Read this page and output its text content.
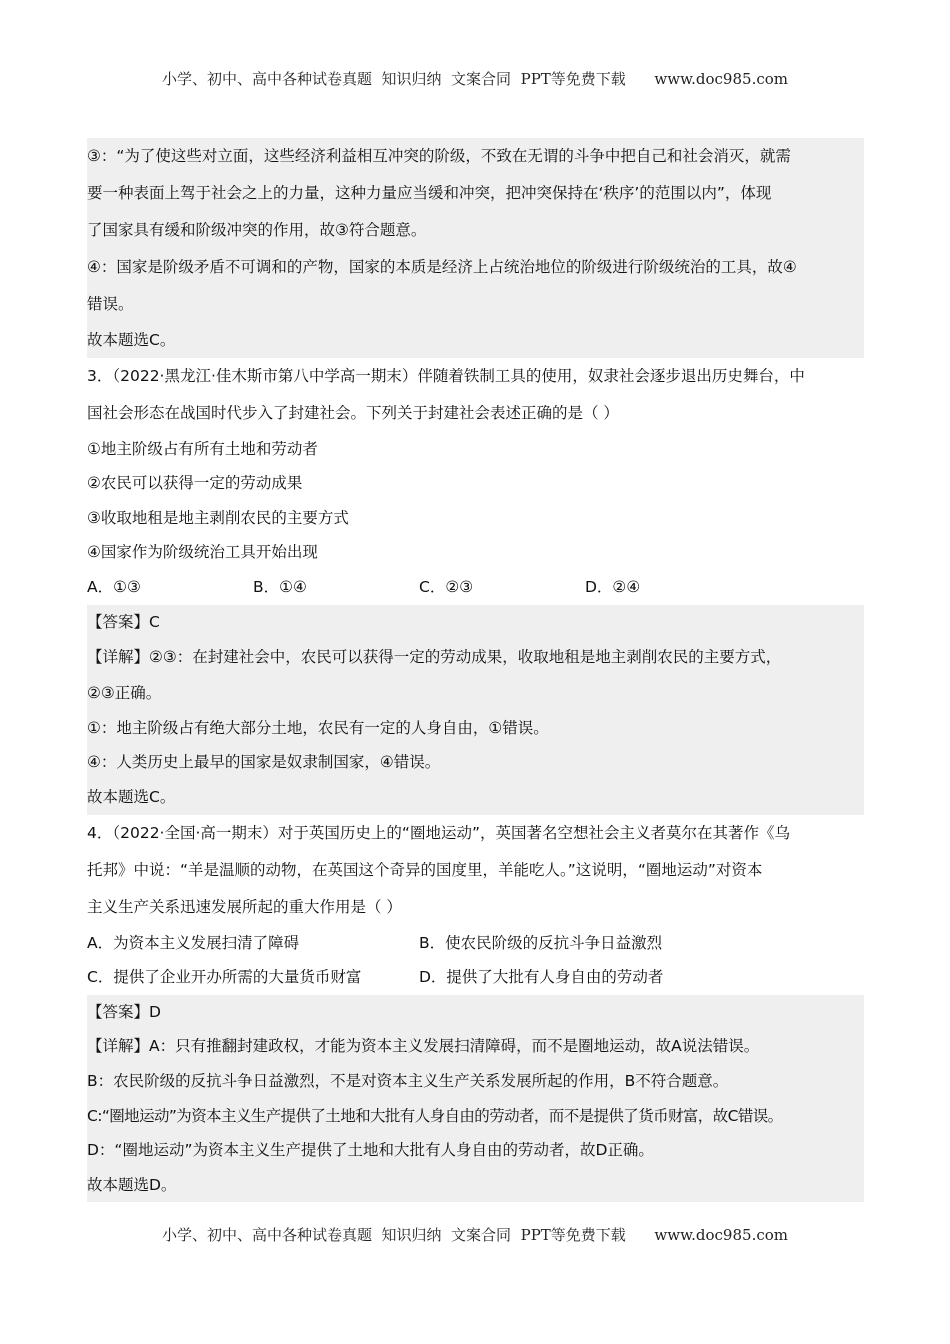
小学、初中、高中各种试卷真题  知识归纳  文案合同  PPT等免费下载      www.doc985.com
③：“为了使这些对立面，这些经济利益相互冲突的阶级，不致在无谓的斗争中把自己和社会消灭，就需
要一种表面上驾于社会之上的力量，这种力量应当缓和冲突，把冲突保持在‘秩序’的范围以内”，体现
了国家具有缓和阶级冲突的作用，故③符合题意。
④：国家是阶级矛盾不可调和的产物，国家的本质是经济上占统治地位的阶级进行阶级统治的工具，故④
错误。
故本题选C。
3．（2022·黑龙江·佳木斯市第八中学高一期末）伴随着铁制工具的使用，奴隶社会逐步退出历史舞台，中
国社会形态在战国时代步入了封建社会。下列关于封建社会表述正确的是（ ）
①地主阶级占有所有土地和劳动者
②农民可以获得一定的劳动成果
③收取地租是地主剥削农民的主要方式
④国家作为阶级统治工具开始出现
A．①③	B．①④	C．②③	D．②④
【答案】C
【详解】②③：在封建社会中，农民可以获得一定的劳动成果，收取地租是地主剥削农民的主要方式，
②③正确。
①：地主阶级占有绝大部分土地，农民有一定的人身自由，①错误。
④：人类历史上最早的国家是奴隶制国家，④错误。
故本题选C。
4．（2022·全国·高一期末）对于英国历史上的“圈地运动”，英国著名空想社会主义者莫尔在其著作《乌
托邦》中说：“羊是温顺的动物，在英国这个奇异的国度里，羊能吃人。”这说明，“圈地运动”对资本
主义生产关系迅速发展所起的重大作用是（ ）
A．为资本主义发展扫清了障碍	B．使农民阶级的反抗斗争日益激烈
C．提供了企业开办所需的大量货币财富	D．提供了大批有人身自由的劳动者
【答案】D
【详解】A：只有推翻封建政权，才能为资本主义发展扫清障碍，而不是圈地运动，故A说法错误。
B：农民阶级的反抗斗争日益激烈，不是对资本主义生产关系发展所起的作用，B不符合题意。
C:“圈地运动”为资本主义生产提供了土地和大批有人身自由的劳动者，而不是提供了货币财富，故C错误。
D：“圈地运动”为资本主义生产提供了土地和大批有人身自由的劳动者，故D正确。
故本题选D。
小学、初中、高中各种试卷真题  知识归纳  文案合同  PPT等免费下载      www.doc985.com
